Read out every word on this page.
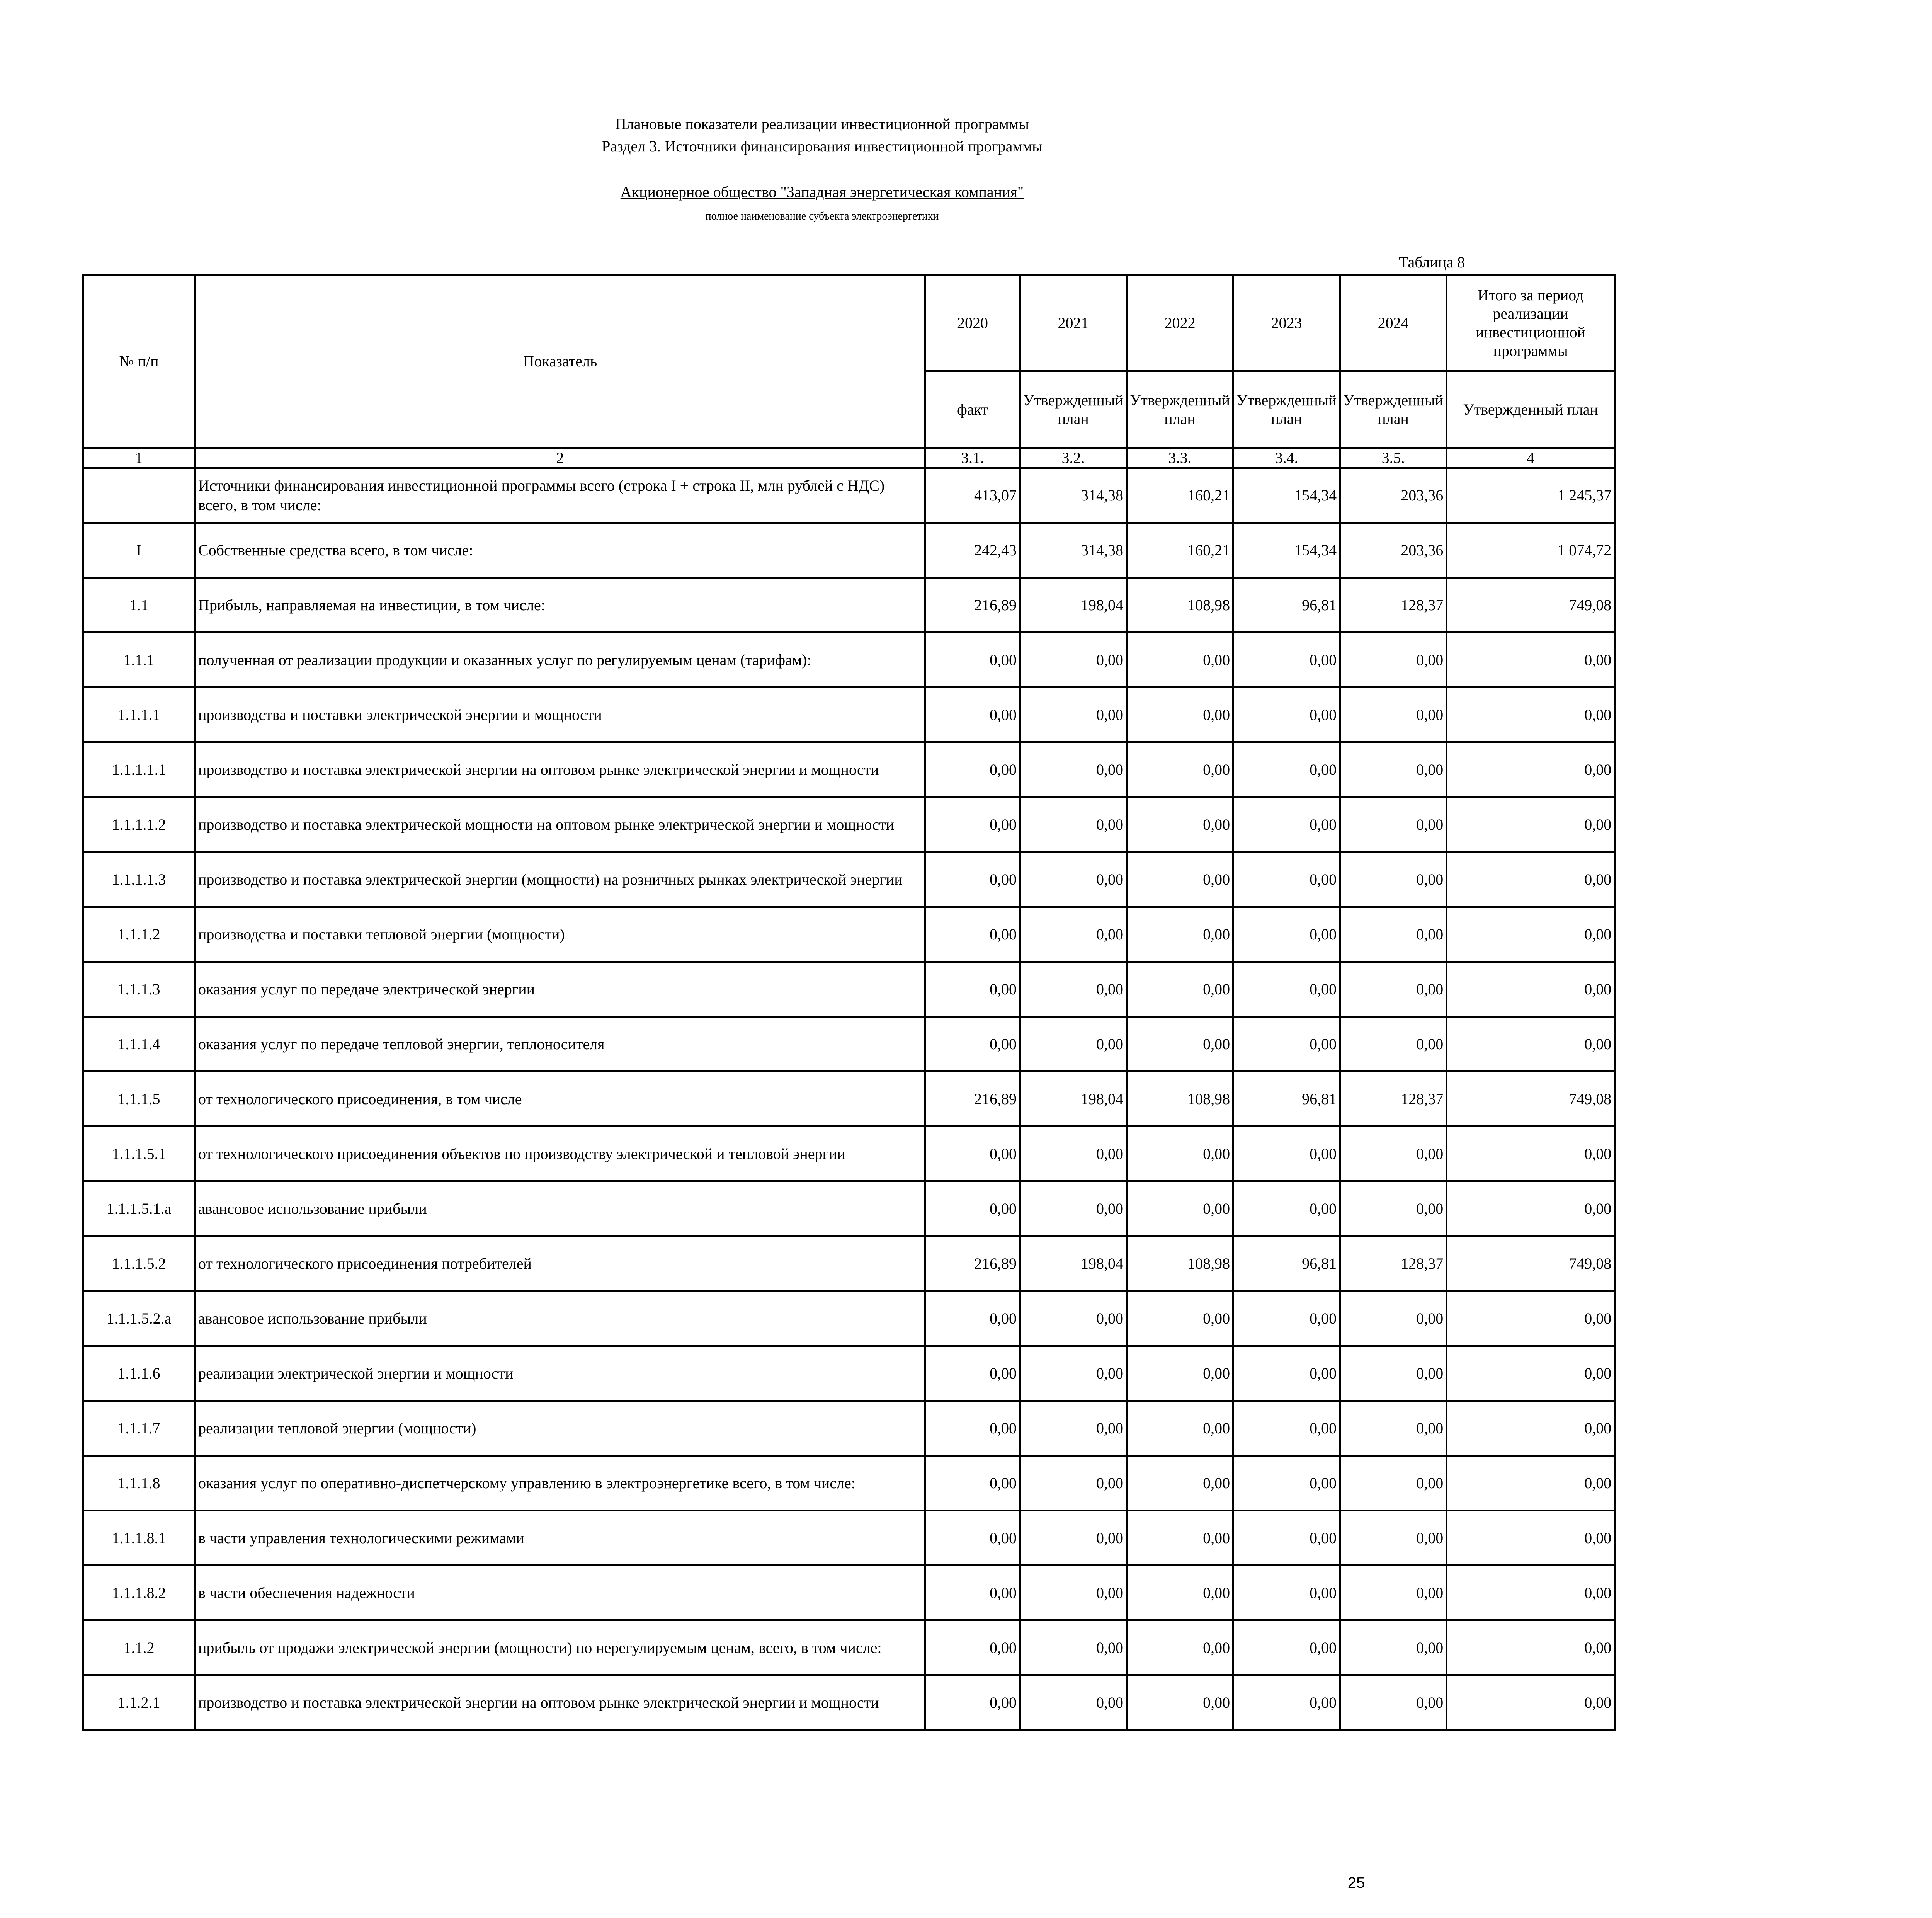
Плановые показатели реализации инвестиционной программы
Раздел 3. Источники финансирования инвестиционной программы
Акционерное общество "Западная энергетическая компания"
полное наименование субъекта электроэнергетики
Таблица 8
№ п/п	Показатель	2020	2021	2022	2023	2024	Итого за период реализации инвестиционной программы
		факт	Утвержденный план	Утвержденный план	Утвержденный план	Утвержденный план	Утвержденный план
1	2	3.1.	3.2.	3.3.	3.4.	3.5.	4
	Источники финансирования инвестиционной программы всего (строка I + строка II, млн рублей с НДС) всего, в том числе:	413,07	314,38	160,21	154,34	203,36	1 245,37
I	Собственные средства всего, в том числе:	242,43	314,38	160,21	154,34	203,36	1 074,72
1.1	Прибыль, направляемая на инвестиции, в том числе:	216,89	198,04	108,98	96,81	128,37	749,08
1.1.1	полученная от реализации продукции и оказанных услуг по регулируемым ценам (тарифам):	0,00	0,00	0,00	0,00	0,00	0,00
1.1.1.1	производства и поставки электрической энергии и мощности	0,00	0,00	0,00	0,00	0,00	0,00
1.1.1.1.1	производство и поставка электрической энергии на оптовом рынке электрической энергии и мощности	0,00	0,00	0,00	0,00	0,00	0,00
1.1.1.1.2	производство и поставка электрической мощности на оптовом рынке электрической энергии и мощности	0,00	0,00	0,00	0,00	0,00	0,00
1.1.1.1.3	производство и поставка электрической энергии (мощности) на розничных рынках электрической энергии	0,00	0,00	0,00	0,00	0,00	0,00
1.1.1.2	производства и поставки тепловой энергии (мощности)	0,00	0,00	0,00	0,00	0,00	0,00
1.1.1.3	оказания услуг по передаче электрической энергии	0,00	0,00	0,00	0,00	0,00	0,00
1.1.1.4	оказания услуг по передаче тепловой энергии, теплоносителя	0,00	0,00	0,00	0,00	0,00	0,00
1.1.1.5	от технологического присоединения, в том числе	216,89	198,04	108,98	96,81	128,37	749,08
1.1.1.5.1	от технологического присоединения объектов по производству электрической и тепловой энергии	0,00	0,00	0,00	0,00	0,00	0,00
1.1.1.5.1.а	авансовое использование прибыли	0,00	0,00	0,00	0,00	0,00	0,00
1.1.1.5.2	от технологического присоединения потребителей	216,89	198,04	108,98	96,81	128,37	749,08
1.1.1.5.2.а	авансовое использование прибыли	0,00	0,00	0,00	0,00	0,00	0,00
1.1.1.6	реализации электрической энергии и мощности	0,00	0,00	0,00	0,00	0,00	0,00
1.1.1.7	реализации тепловой энергии (мощности)	0,00	0,00	0,00	0,00	0,00	0,00
1.1.1.8	оказания услуг по оперативно-диспетчерскому управлению в электроэнергетике всего, в том числе:	0,00	0,00	0,00	0,00	0,00	0,00
1.1.1.8.1	в части управления технологическими режимами	0,00	0,00	0,00	0,00	0,00	0,00
1.1.1.8.2	в части обеспечения надежности	0,00	0,00	0,00	0,00	0,00	0,00
1.1.2	прибыль от продажи электрической энергии (мощности) по нерегулируемым ценам, всего, в том числе:	0,00	0,00	0,00	0,00	0,00	0,00
1.1.2.1	производство и поставка электрической энергии на оптовом рынке электрической энергии и мощности	0,00	0,00	0,00	0,00	0,00	0,00
25
